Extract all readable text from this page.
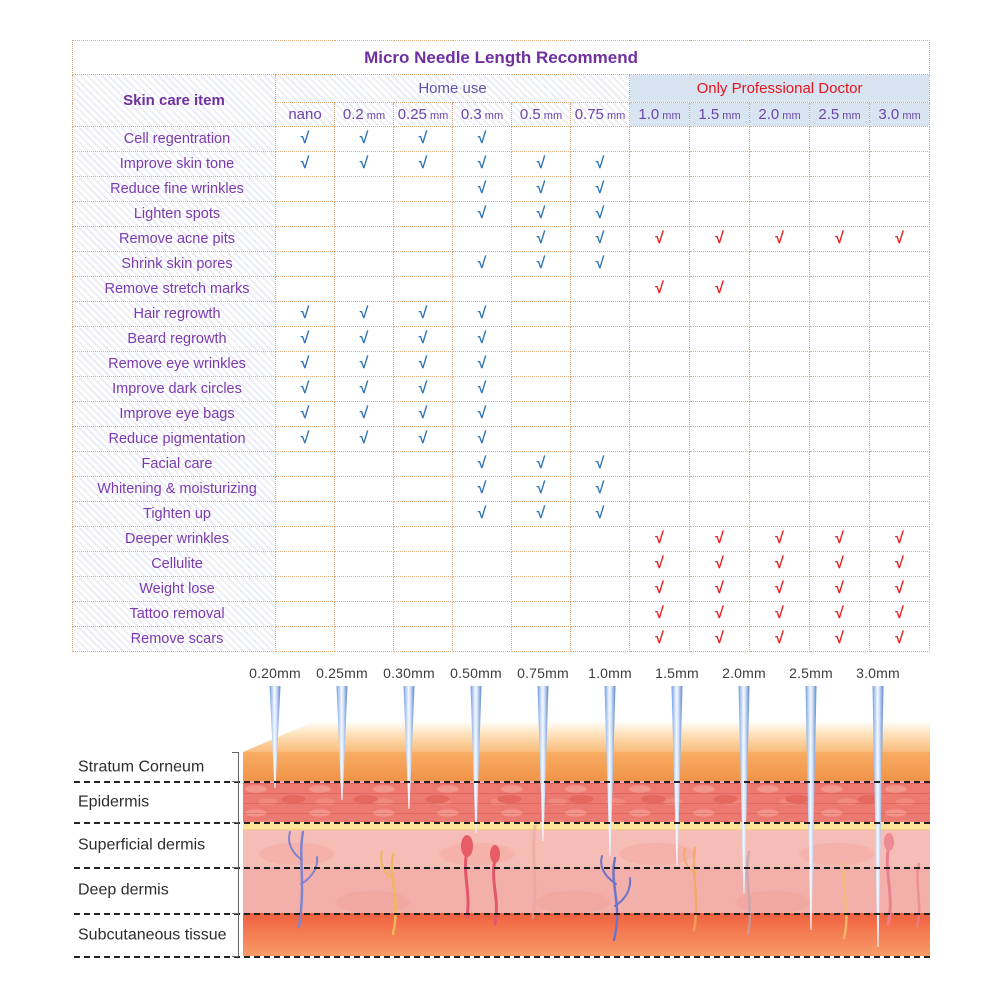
Micro Needle Length Recommend											
Skin care item	Home use						Only Professional Doctor				
	nano	0.2 mm	0.25 mm	0.3 mm	0.5 mm	0.75 mm	1.0 mm	1.5 mm	2.0 mm	2.5 mm	3.0 mm
Cell regentration	√	√	√	√							
Improve skin tone	√	√	√	√	√	√					
Reduce fine wrinkles				√	√	√					
Lighten spots				√	√	√					
Remove acne pits					√	√	√	√	√	√	√
Shrink skin pores				√	√	√					
Remove stretch marks							√	√			
Hair regrowth	√	√	√	√							
Beard regrowth	√	√	√	√							
Remove eye wrinkles	√	√	√	√							
Improve dark circles	√	√	√	√							
Improve eye bags	√	√	√	√							
Reduce pigmentation	√	√	√	√							
Facial care				√	√	√					
Whitening & moisturizing				√	√	√					
Tighten up				√	√	√					
Deeper wrinkles							√	√	√	√	√
Cellulite							√	√	√	√	√
Weight lose							√	√	√	√	√
Tattoo removal							√	√	√	√	√
Remove scars							√	√	√	√	√
0.20mm 0.25mm 0.30mm 0.50mm 0.75mm 1.0mm 1.5mm 2.0mm 2.5mm 3.0mm
Stratum Corneum
Epidermis
Superficial dermis
Deep dermis
Subcutaneous tissue
